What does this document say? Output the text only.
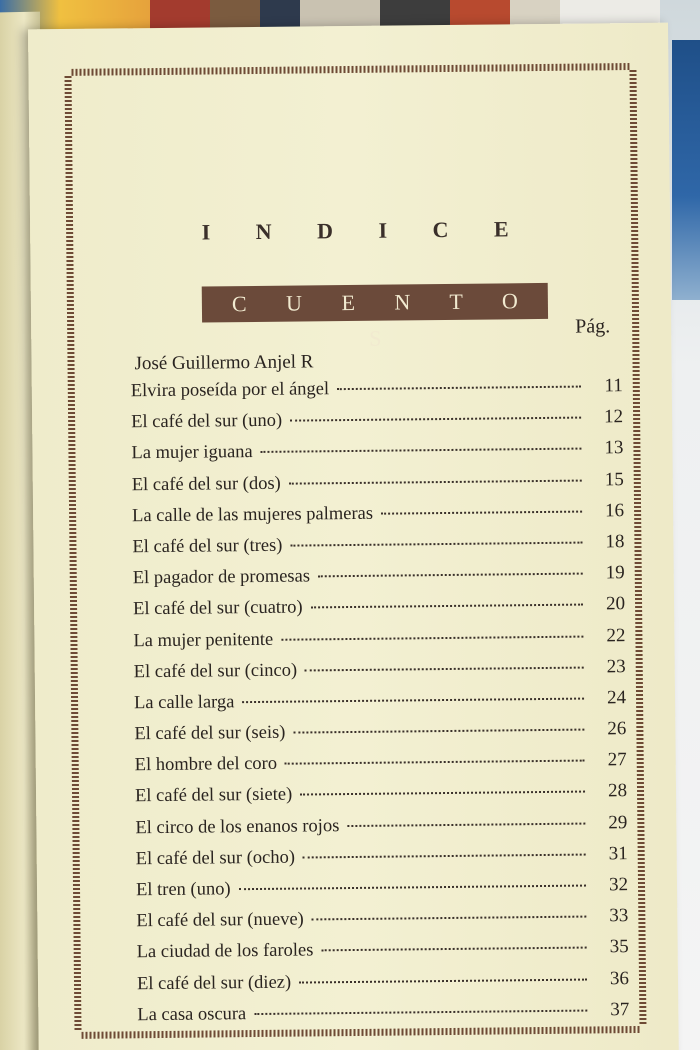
I N D I C E
C U E N T O S	Pág.
José Guillermo Anjel R
Elvira poseída por el ángel	11
El café del sur (uno)	12
La mujer iguana	13
El café del sur (dos)	15
La calle de las mujeres palmeras	16
El café del sur (tres)	18
El pagador de promesas	19
El café del sur (cuatro)	20
La mujer penitente	22
El café del sur (cinco)	23
La calle larga	24
El café del sur (seis)	26
El hombre del coro	27
El café del sur (siete)	28
El circo de los enanos rojos	29
El café del sur (ocho)	31
El tren (uno)	32
El café del sur (nueve)	33
La ciudad de los faroles	35
El café del sur (diez)	36
La casa oscura	37
